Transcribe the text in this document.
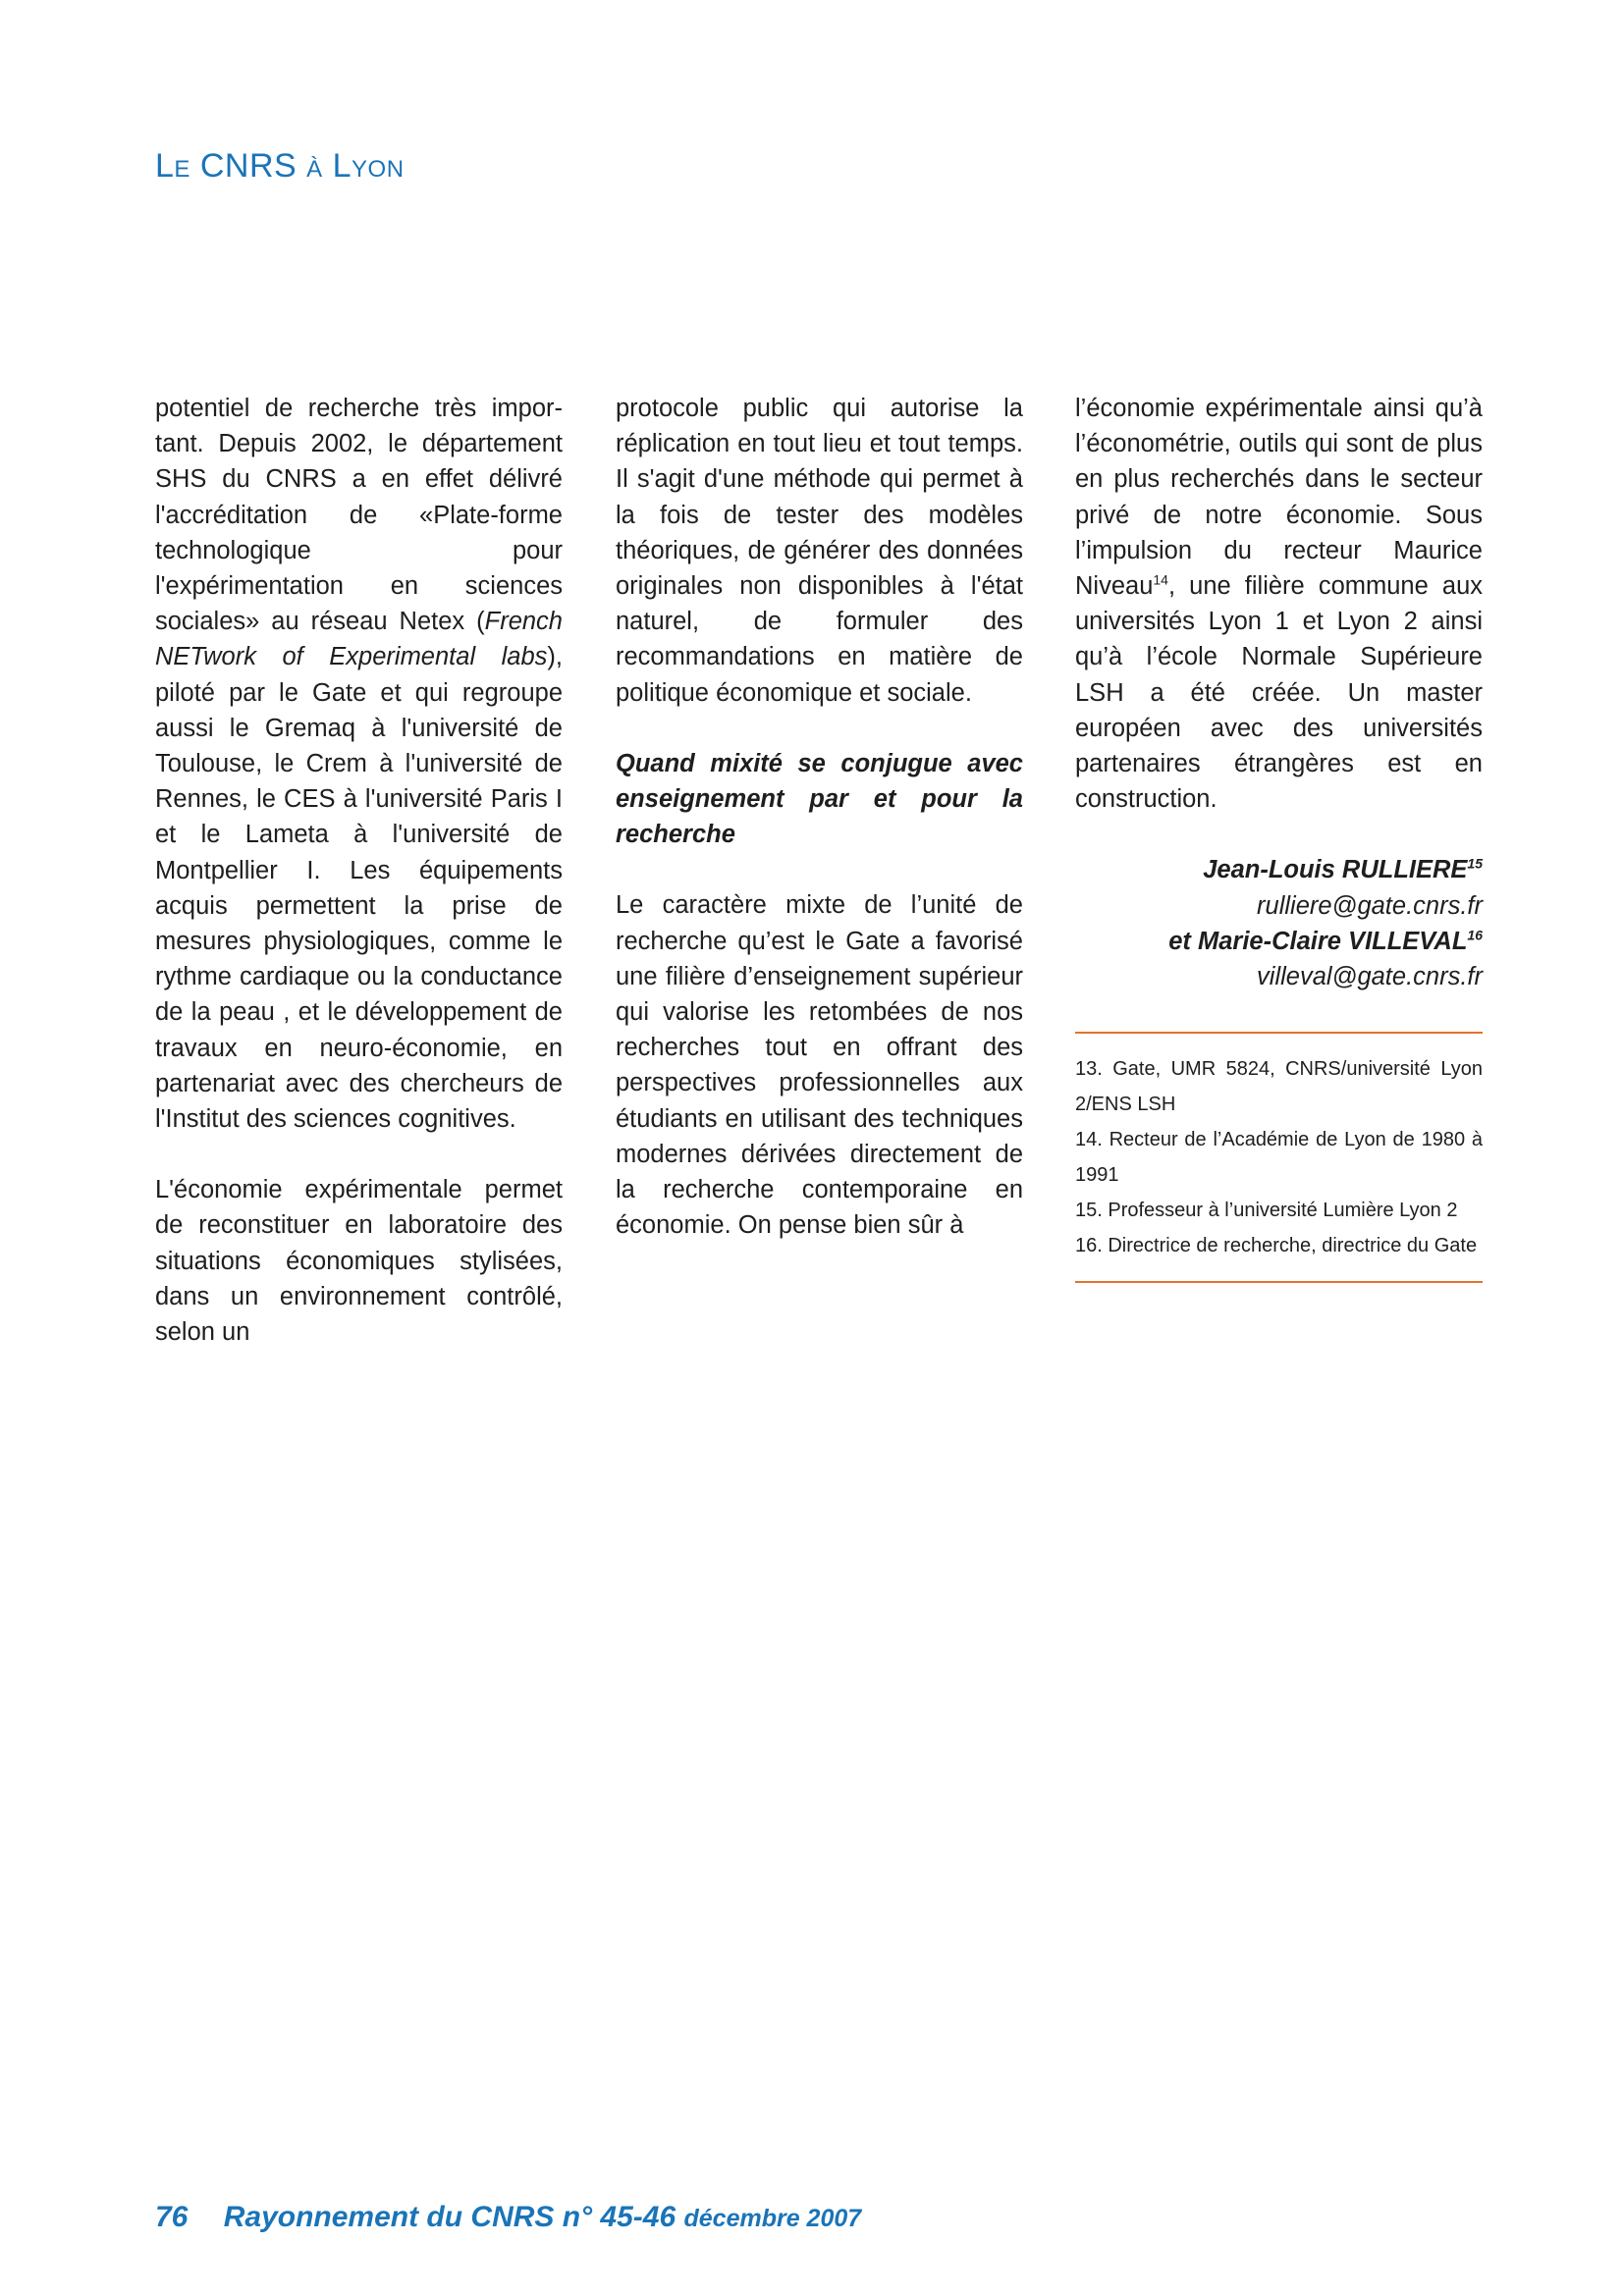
Le CNRS à Lyon

potentiel de recherche très important. Depuis 2002, le département SHS du CNRS a en effet délivré l'accréditation de «Plate-forme technologique pour l'expérimentation en sciences sociales» au réseau Netex (French NETwork of Experimental labs), piloté par le Gate et qui regroupe aussi le Gremaq à l'université de Toulouse, le Crem à l'université de Rennes, le CES à l'université Paris I et le Lameta à l'université de Montpellier I. Les équipements acquis permettent la prise de mesures physiologiques, comme le rythme cardiaque ou la conductance de la peau , et le développement de travaux en neuro-économie, en partenariat avec des chercheurs de l'Institut des sciences cognitives.

L'économie expérimentale permet de reconstituer en laboratoire des situations économiques stylisées, dans un environnement contrôlé, selon un

protocole public qui autorise la réplication en tout lieu et tout temps. Il s'agit d'une méthode qui permet à la fois de tester des modèles théoriques, de générer des données originales non disponibles à l'état naturel, de formuler des recommandations en matière de politique économique et sociale.

Quand mixité se conjugue avec enseignement par et pour la recherche

Le caractère mixte de l’unité de recherche qu’est le Gate a favorisé une filière d’enseignement supérieur qui valorise les retombées de nos recherches tout en offrant des perspectives professionnelles aux étudiants en utilisant des techniques modernes dérivées directement de la recherche contemporaine en économie. On pense bien sûr à

l’économie expérimentale ainsi qu’à l’économétrie, outils qui sont de plus en plus recherchés dans le secteur privé de notre économie. Sous l’impulsion du recteur Maurice Niveau$^{14}$, une filière commune aux universités Lyon 1 et Lyon 2 ainsi qu’à l’école Normale Supérieure LSH a été créée. Un master européen avec des universités partenaires étrangères est en construction.

Jean-Louis RULLIERE$^{15}$
rulliere@gate.cnrs.fr
et Marie-Claire VILLEVAL$^{16}$
villeval@gate.cnrs.fr
13. Gate, UMR 5824, CNRS/université Lyon 2/ENS LSH
14. Recteur de l’Académie de Lyon de 1980 à 1991
15. Professeur à l’université Lumière Lyon 2
16. Directrice de recherche, directrice du Gate
76 Rayonnement du CNRS n° 45-46 décembre 2007
